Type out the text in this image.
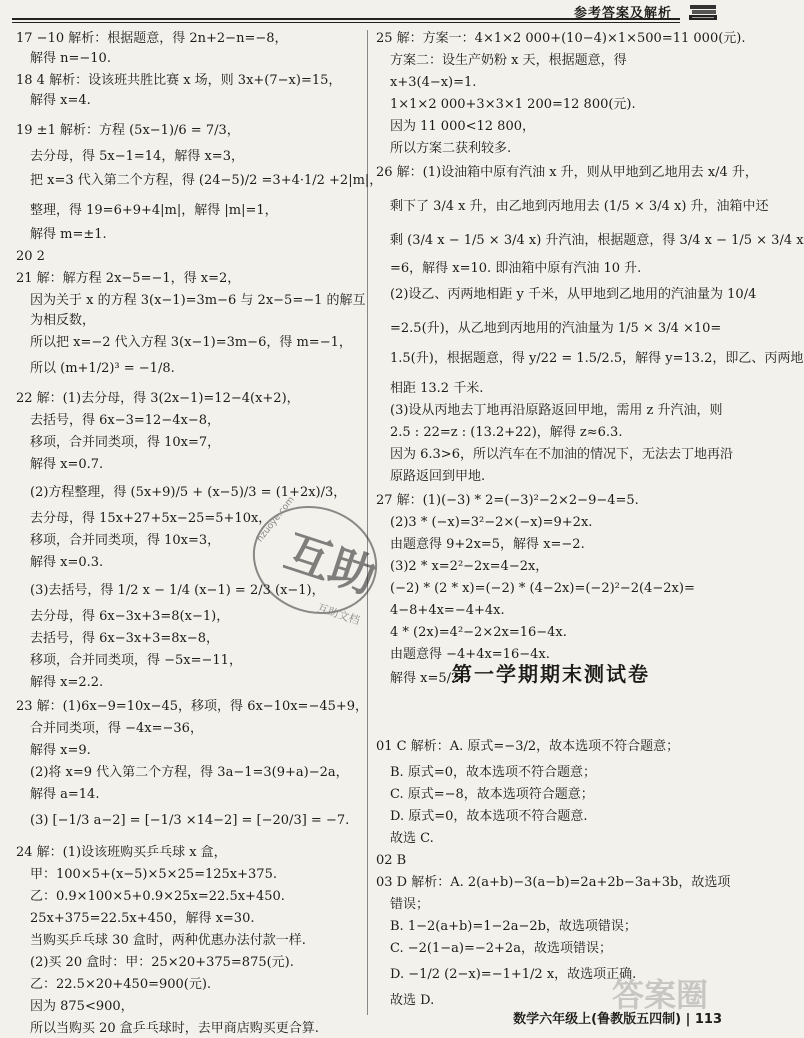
参考答案及解析
17 −10 解析：根据题意，得 2n+2−n=−8，
解得 n=−10.
18 4 解析：设该班共胜比赛 x 场，则 3x+(7−x)=15，
解得 x=4.
19 ±1 解析：方程 (5x−1)/6 = 7/3，
去分母，得 5x−1=14，解得 x=3，
把 x=3 代入第二个方程，得 (24−5)/2 =3+4·1/2 +2|m|，
整理，得 19=6+9+4|m|，解得 |m|=1，
解得 m=±1.
20 2
21 解：解方程 2x−5=−1，得 x=2，
因为关于 x 的方程 3(x−1)=3m−6 与 2x−5=−1 的解互
为相反数，
所以把 x=−2 代入方程 3(x−1)=3m−6，得 m=−1，
所以 (m+1/2)³ = −1/8.
22 解：(1)去分母，得 3(2x−1)=12−4(x+2)，
去括号，得 6x−3=12−4x−8，
移项，合并同类项，得 10x=7，
解得 x=0.7.
(2)方程整理，得 (5x+9)/5 + (x−5)/3 = (1+2x)/3，
去分母，得 15x+27+5x−25=5+10x，
移项，合并同类项，得 10x=3，
解得 x=0.3.
(3)去括号，得 1/2 x − 1/4 (x−1) = 2/3 (x−1)，
去分母，得 6x−3x+3=8(x−1)，
去括号，得 6x−3x+3=8x−8，
移项，合并同类项，得 −5x=−11，
解得 x=2.2.
23 解：(1)6x−9=10x−45，移项，得 6x−10x=−45+9，
合并同类项，得 −4x=−36，
解得 x=9.
(2)将 x=9 代入第二个方程，得 3a−1=3(9+a)−2a，
解得 a=14.
(3) [−1/3 a−2] = [−1/3 ×14−2] = [−20/3] = −7.
24 解：(1)设该班购买乒乓球 x 盒，
甲：100×5+(x−5)×5×25=125x+375.
乙：0.9×100×5+0.9×25x=22.5x+450.
25x+375=22.5x+450，解得 x=30.
当购买乒乓球 30 盒时，两种优惠办法付款一样.
(2)买 20 盒时：甲：25×20+375=875(元).
乙：22.5×20+450=900(元).
因为 875<900，
所以当购买 20 盒乒乓球时，去甲商店购买更合算.
25 解：方案一：4×1×2 000+(10−4)×1×500=11 000(元).
方案二：设生产奶粉 x 天，根据题意，得
x+3(4−x)=1.
1×1×2 000+3×3×1 200=12 800(元).
因为 11 000<12 800，
所以方案二获利较多.
26 解：(1)设油箱中原有汽油 x 升，则从甲地到乙地用去 x/4 升，
剩下了 3/4 x 升，由乙地到丙地用去 (1/5 × 3/4 x) 升，油箱中还
剩 (3/4 x − 1/5 × 3/4 x) 升汽油，根据题意，得 3/4 x − 1/5 × 3/4 x
=6，解得 x=10. 即油箱中原有汽油 10 升.
(2)设乙、丙两地相距 y 千米，从甲地到乙地用的汽油量为 10/4
=2.5(升)，从乙地到丙地用的汽油量为 1/5 × 3/4 ×10=
1.5(升)，根据题意，得 y/22 = 1.5/2.5，解得 y=13.2，即乙、丙两地
相距 13.2 千米.
(3)设从丙地去丁地再沿原路返回甲地，需用 z 升汽油，则
2.5 : 22=z : (13.2+22)，解得 z≈6.3.
因为 6.3>6，所以汽车在不加油的情况下，无法去丁地再沿
原路返回到甲地.
27 解：(1)(−3) * 2=(−3)²−2×2−9−4=5.
(2)3 * (−x)=3²−2×(−x)=9+2x.
由题意得 9+2x=5，解得 x=−2.
(3)2 * x=2²−2x=4−2x，
(−2) * (2 * x)=(−2) * (4−2x)=(−2)²−2(4−2x)=
4−8+4x=−4+4x.
4 * (2x)=4²−2×2x=16−4x.
由题意得 −4+4x=16−4x.
解得 x=5/2.
01 C 解析：A. 原式=−3/2，故本选项不符合题意；
B. 原式=0，故本选项不符合题意；
C. 原式=−8，故本选项符合题意；
D. 原式=0，故本选项不符合题意.
故选 C.
02 B
03 D 解析：A. 2(a+b)−3(a−b)=2a+2b−3a+3b，故选项
错误；
B. 1−2(a+b)=1−2a−2b，故选项错误；
C. −2(1−a)=−2+2a，故选项错误；
D. −1/2 (2−x)=−1+1/2 x，故选项正确.
故选 D.
第一学期期末测试卷
互助
hzuoye.com
互助文档
答案圈
数学六年级上(鲁教版五四制) | 113
